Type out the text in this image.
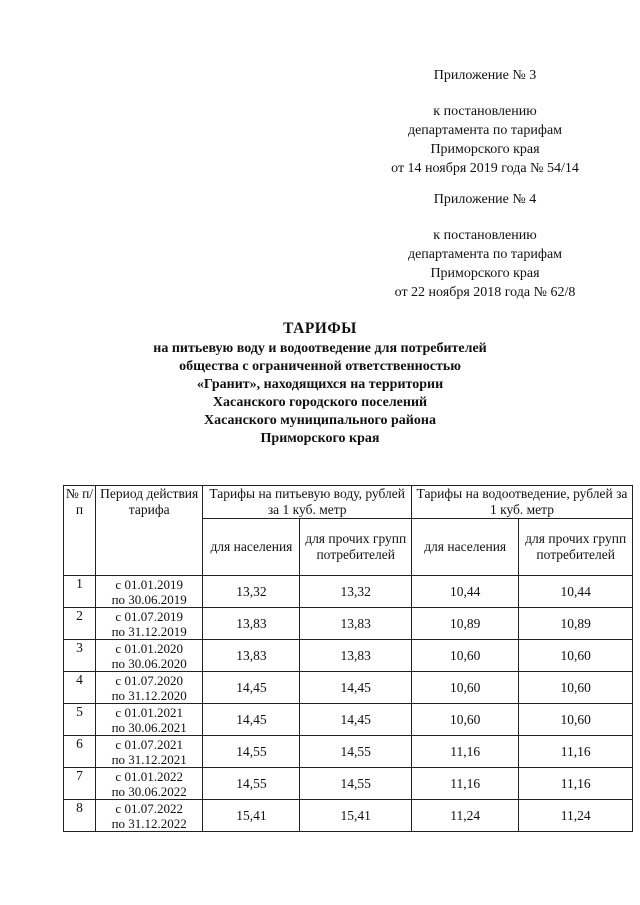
Приложение № 3
к постановлению
департамента по тарифам
Приморского края
от 14 ноября 2019 года № 54/14
Приложение № 4
к постановлению
департамента по тарифам
Приморского края
от 22 ноября 2018 года № 62/8
ТАРИФЫ
на питьевую воду и водоотведение для потребителей
общества с ограниченной ответственностью
«Гранит», находящихся на территории
Хасанского городского поселений
Хасанского муниципального района
Приморского края
№ п/п	Период действия тарифа	Тарифы на питьевую воду, рублей за 1 куб. метр		Тарифы на водоотведение, рублей за 1 куб. метр	
		для населения	для прочих групп потребителей	для населения	для прочих групп потребителей
1	с 01.01.2019
по 30.06.2019	13,32	13,32	10,44	10,44
2	с 01.07.2019
по 31.12.2019	13,83	13,83	10,89	10,89
3	с 01.01.2020
по 30.06.2020	13,83	13,83	10,60	10,60
4	с 01.07.2020
по 31.12.2020	14,45	14,45	10,60	10,60
5	с 01.01.2021
по 30.06.2021	14,45	14,45	10,60	10,60
6	с 01.07.2021
по 31.12.2021	14,55	14,55	11,16	11,16
7	с 01.01.2022
по 30.06.2022	14,55	14,55	11,16	11,16
8	с 01.07.2022
по 31.12.2022	15,41	15,41	11,24	11,24
